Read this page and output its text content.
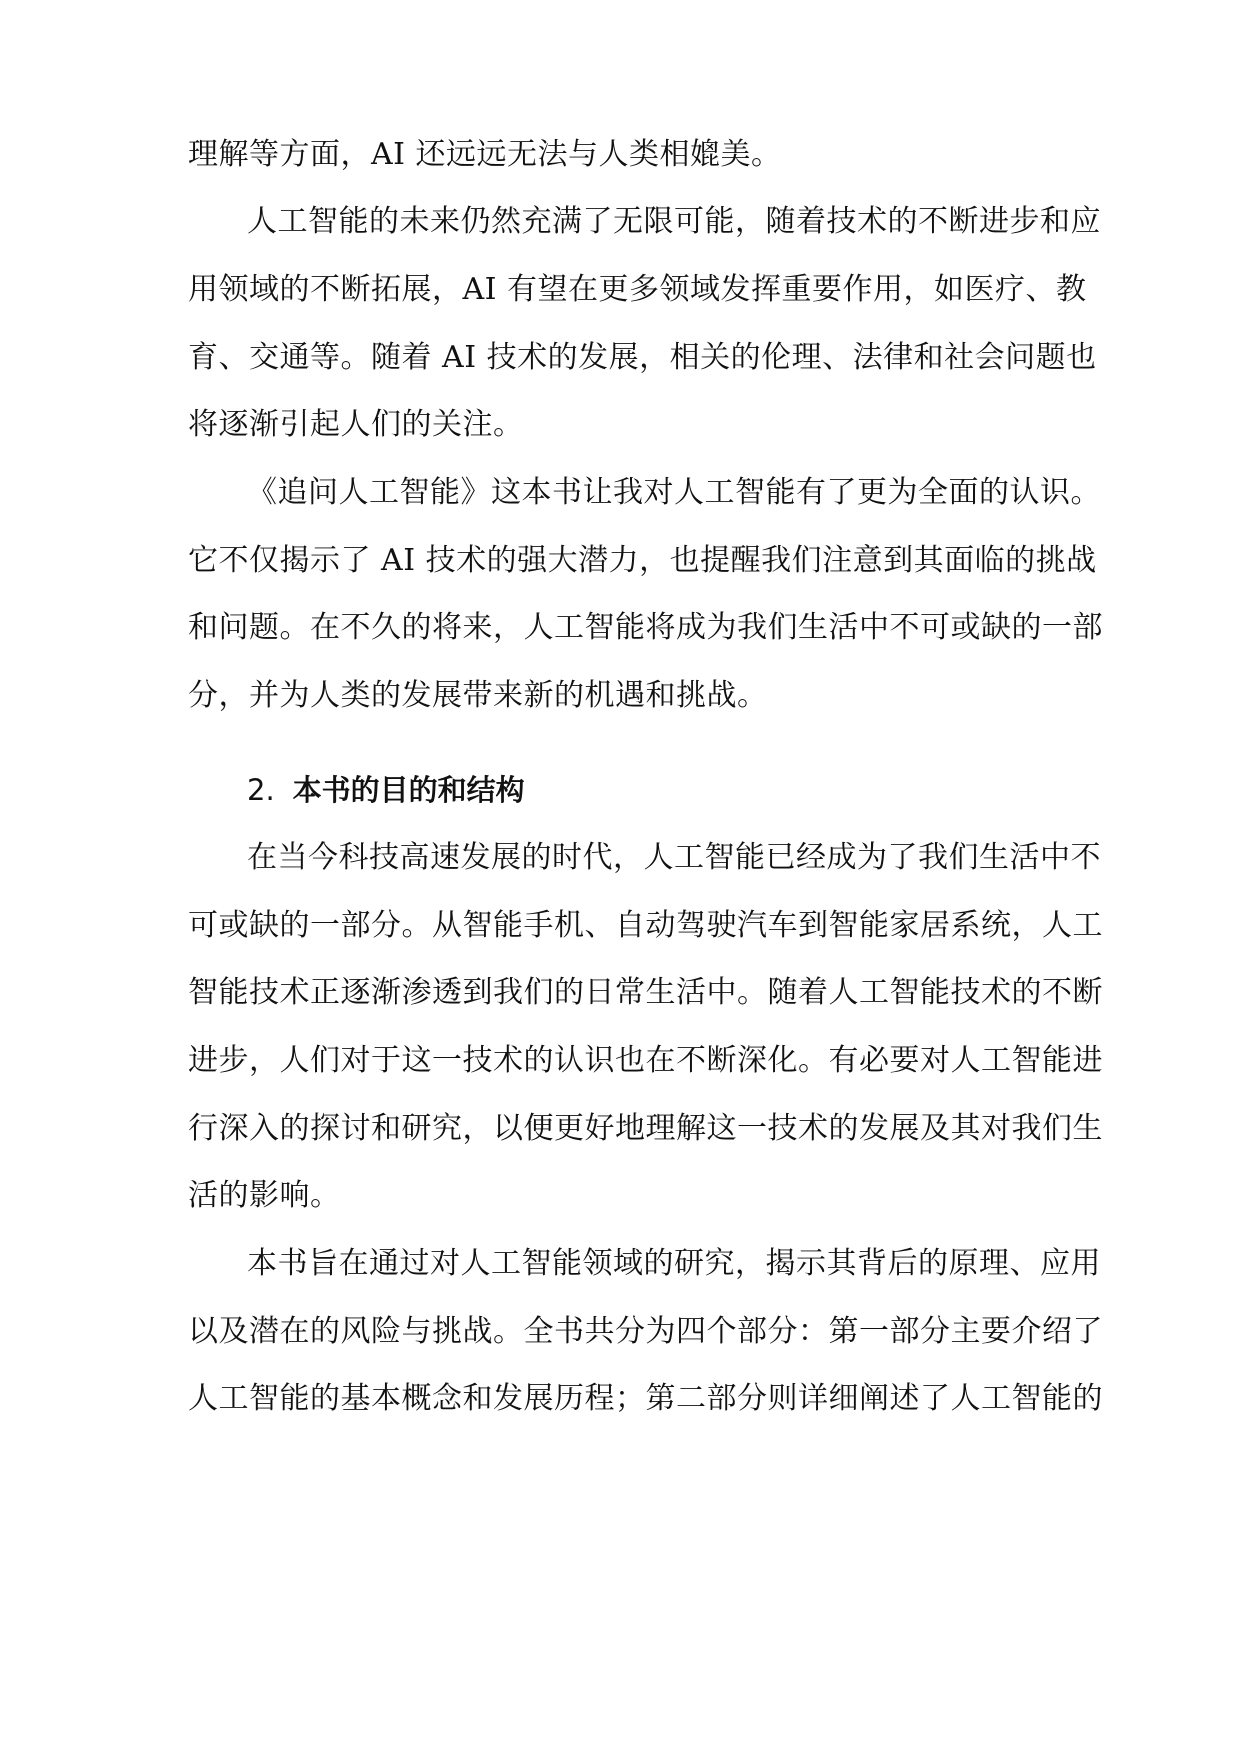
理解等方面，AI 还远远无法与人类相媲美。
人工智能的未来仍然充满了无限可能，随着技术的不断进步和应
用领域的不断拓展，AI 有望在更多领域发挥重要作用，如医疗、教
育、交通等。随着 AI 技术的发展，相关的伦理、法律和社会问题也
将逐渐引起人们的关注。
《追问人工智能》这本书让我对人工智能有了更为全面的认识。
它不仅揭示了 AI 技术的强大潜力，也提醒我们注意到其面临的挑战
和问题。在不久的将来，人工智能将成为我们生活中不可或缺的一部
分，并为人类的发展带来新的机遇和挑战。
2. 本书的目的和结构
在当今科技高速发展的时代，人工智能已经成为了我们生活中不
可或缺的一部分。从智能手机、自动驾驶汽车到智能家居系统，人工
智能技术正逐渐渗透到我们的日常生活中。随着人工智能技术的不断
进步，人们对于这一技术的认识也在不断深化。有必要对人工智能进
行深入的探讨和研究，以便更好地理解这一技术的发展及其对我们生
活的影响。
本书旨在通过对人工智能领域的研究，揭示其背后的原理、应用
以及潜在的风险与挑战。全书共分为四个部分：第一部分主要介绍了
人工智能的基本概念和发展历程；第二部分则详细阐述了人工智能的
